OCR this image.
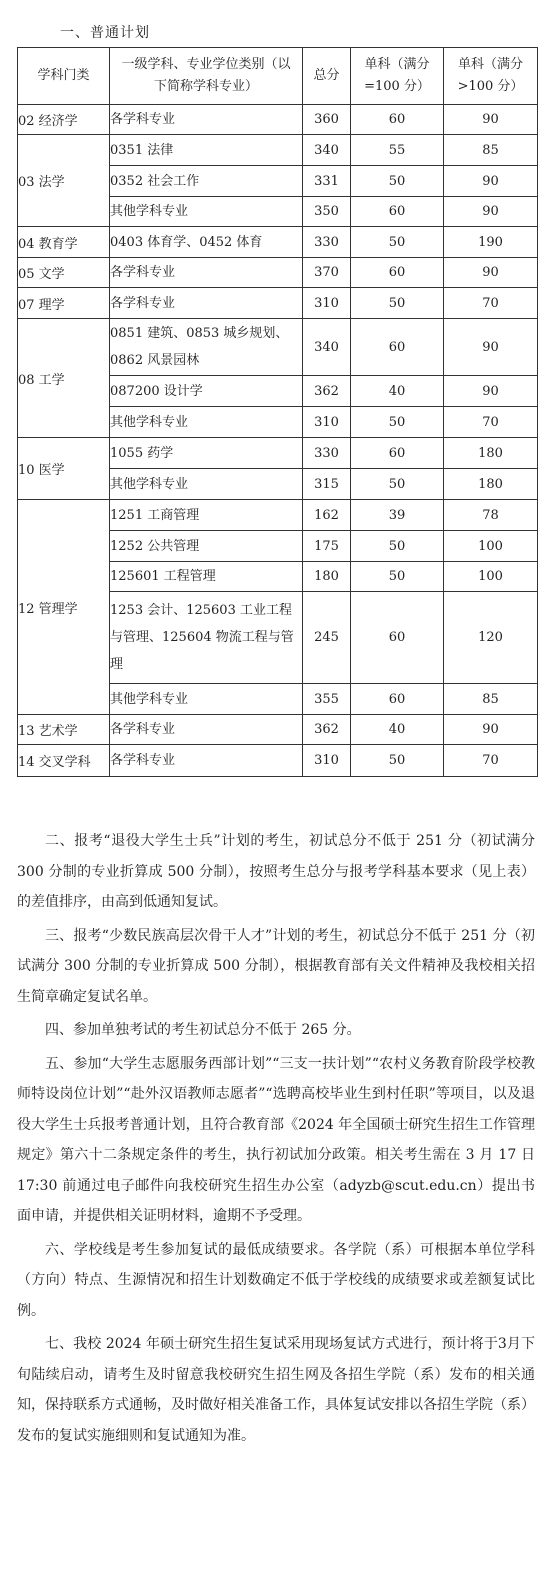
一、普通计划
学科门类	一级学科、专业学位类别（以下简称学科专业）	总分	单科（满分=100 分）	单科（满分>100 分）
02 经济学	各学科专业	360	60	90
03 法学	0351 法律	340	55	85
	0352 社会工作	331	50	90
	其他学科专业	350	60	90
04 教育学	0403 体育学、0452 体育	330	50	190
05 文学	各学科专业	370	60	90
07 理学	各学科专业	310	50	70
08 工学	0851 建筑、0853 城乡规划、0862 风景园林	340	60	90
	087200 设计学	362	40	90
	其他学科专业	310	50	70
10 医学	1055 药学	330	60	180
	其他学科专业	315	50	180
12 管理学	1251 工商管理	162	39	78
	1252 公共管理	175	50	100
	125601 工程管理	180	50	100
	1253 会计、125603 工业工程与管理、125604 物流工程与管理	245	60	120
	其他学科专业	355	60	85
13 艺术学	各学科专业	362	40	90
14 交叉学科	各学科专业	310	50	70

二、报考“退役大学生士兵”计划的考生，初试总分不低于 251 分（初试满分 300 分制的专业折算成 500 分制），按照考生总分与报考学科基本要求（见上表）的差值排序，由高到低通知复试。

三、报考“少数民族高层次骨干人才”计划的考生，初试总分不低于 251 分（初试满分 300 分制的专业折算成 500 分制），根据教育部有关文件精神及我校相关招生简章确定复试名单。

四、参加单独考试的考生初试总分不低于 265 分。

五、参加“大学生志愿服务西部计划”“三支一扶计划”“农村义务教育阶段学校教师特设岗位计划”“赴外汉语教师志愿者”“选聘高校毕业生到村任职”等项目，以及退役大学生士兵报考普通计划，且符合教育部《2024 年全国硕士研究生招生工作管理规定》第六十二条规定条件的考生，执行初试加分政策。相关考生需在 3 月 17 日 17:30 前通过电子邮件向我校研究生招生办公室（adyzb@scut.edu.cn）提出书面申请，并提供相关证明材料，逾期不予受理。

六、学校线是考生参加复试的最低成绩要求。各学院（系）可根据本单位学科（方向）特点、生源情况和招生计划数确定不低于学校线的成绩要求或差额复试比例。

七、我校 2024 年硕士研究生招生复试采用现场复试方式进行，预计将于3月下旬陆续启动，请考生及时留意我校研究生招生网及各招生学院（系）发布的相关通知，保持联系方式通畅，及时做好相关准备工作，具体复试安排以各招生学院（系）发布的复试实施细则和复试通知为准。
